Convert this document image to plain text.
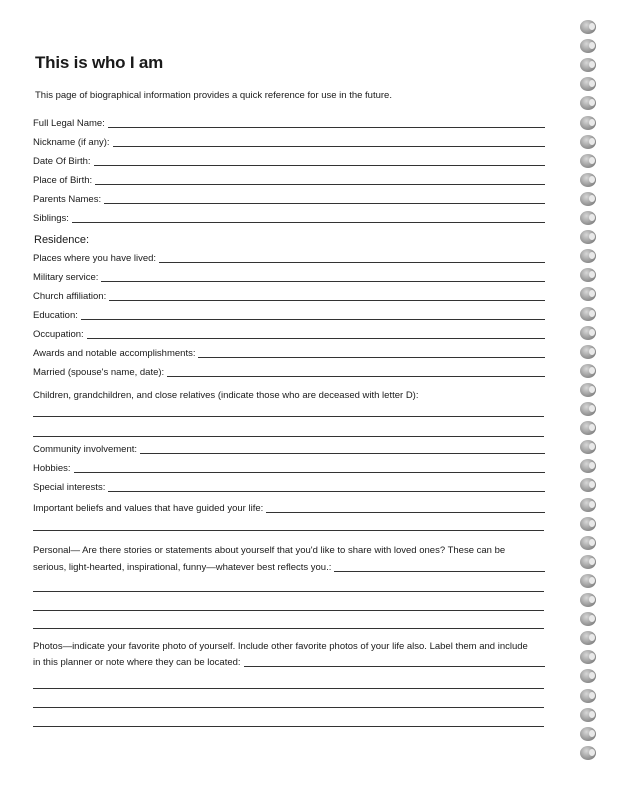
This is who I am
This page of biographical information provides a quick reference for use in the future.
Full Legal Name:
Nickname (if any):
Date Of Birth:
Place of Birth:
Parents Names:
Siblings:
Residence:
Places where you have lived:
Military service:
Church affiliation:
Education:
Occupation:
Awards and notable accomplishments:
Married (spouse's name, date):
Children, grandchildren, and close relatives (indicate those who are deceased with letter D):
Community involvement:
Hobbies:
Special interests:
Important beliefs and values that have guided your life:
Personal— Are there stories or statements about yourself that you'd like to share with loved ones? These can be
serious, light-hearted, inspirational, funny—whatever best reflects you.:
Photos—indicate your favorite photo of yourself. Include other favorite photos of your life also. Label them and include
in this planner or note where they can be located:
